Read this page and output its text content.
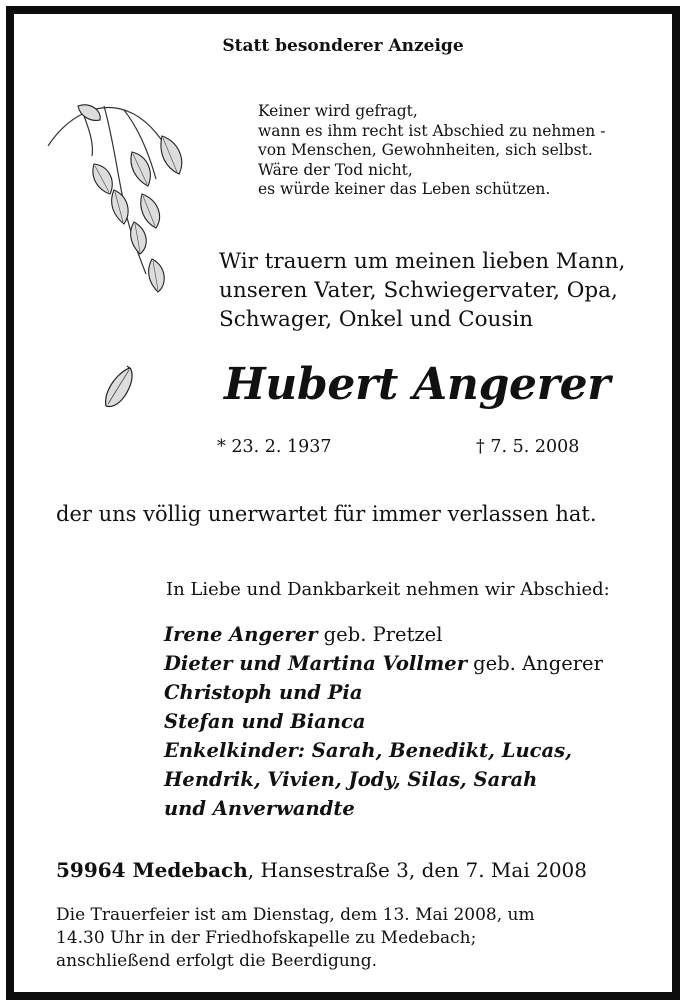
Statt besonderer Anzeige
Keiner wird gefragt,
wann es ihm recht ist Abschied zu nehmen -
von Menschen, Gewohnheiten, sich selbst.
Wäre der Tod nicht,
es würde keiner das Leben schützen.
Wir trauern um meinen lieben Mann,
unseren Vater, Schwiegervater, Opa,
Schwager, Onkel und Cousin
Hubert Angerer
* 23. 2. 1937	† 7. 5. 2008
der uns völlig unerwartet für immer verlassen hat.
In Liebe und Dankbarkeit nehmen wir Abschied:
Irene Angerer geb. Pretzel
Dieter und Martina Vollmer geb. Angerer
Christoph und Pia
Stefan und Bianca
Enkelkinder: Sarah, Benedikt, Lucas,
Hendrik, Vivien, Jody, Silas, Sarah
und Anverwandte
59964 Medebach, Hansestraße 3, den 7. Mai 2008
Die Trauerfeier ist am Dienstag, dem 13. Mai 2008, um
14.30 Uhr in der Friedhofskapelle zu Medebach;
anschließend erfolgt die Beerdigung.
